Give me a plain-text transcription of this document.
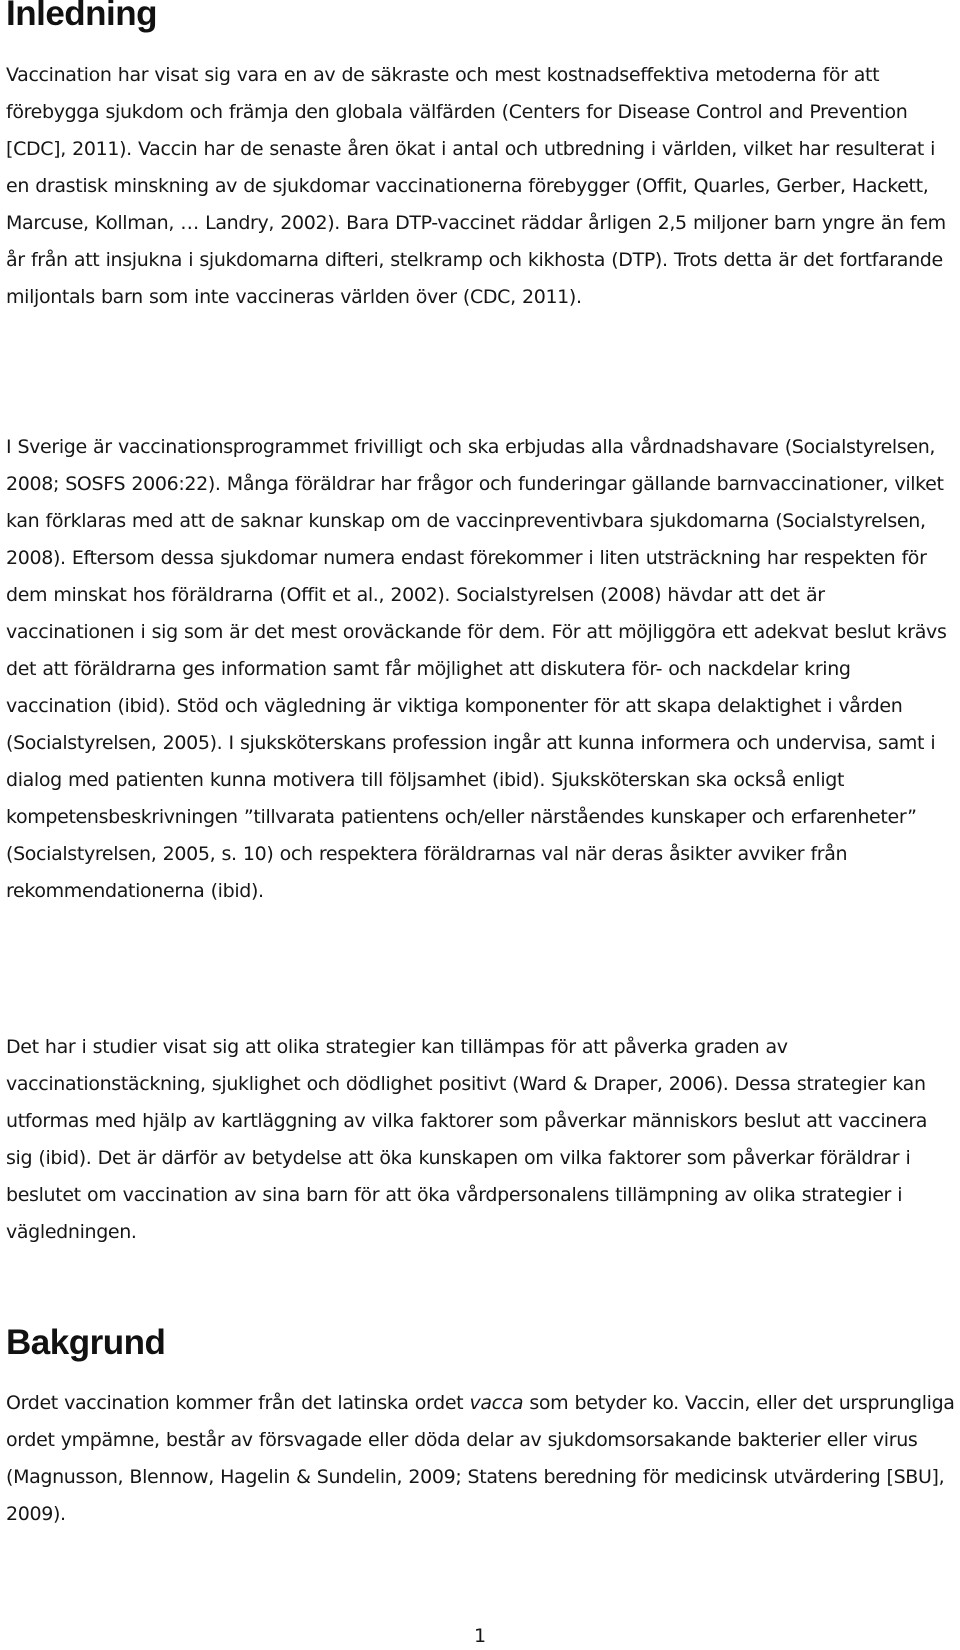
Inledning

Vaccination har visat sig vara en av de säkraste och mest kostnadseffektiva metoderna för att förebygga sjukdom och främja den globala välfärden (Centers for Disease Control and Prevention [CDC], 2011). Vaccin har de senaste åren ökat i antal och utbredning i världen, vilket har resulterat i en drastisk minskning av de sjukdomar vaccinationerna förebygger (Offit, Quarles, Gerber, Hackett, Marcuse, Kollman, … Landry, 2002). Bara DTP-vaccinet räddar årligen 2,5 miljoner barn yngre än fem år från att insjukna i sjukdomarna difteri, stelkramp och kikhosta (DTP). Trots detta är det fortfarande miljontals barn som inte vaccineras världen över (CDC, 2011).

I Sverige är vaccinationsprogrammet frivilligt och ska erbjudas alla vårdnadshavare (Socialstyrelsen, 2008; SOSFS 2006:22). Många föräldrar har frågor och funderingar gällande barnvaccinationer, vilket kan förklaras med att de saknar kunskap om de vaccinpreventivbara sjukdomarna (Socialstyrelsen, 2008). Eftersom dessa sjukdomar numera endast förekommer i liten utsträckning har respekten för dem minskat hos föräldrarna (Offit et al., 2002). Socialstyrelsen (2008) hävdar att det är vaccinationen i sig som är det mest oroväckande för dem. För att möjliggöra ett adekvat beslut krävs det att föräldrarna ges information samt får möjlighet att diskutera för- och nackdelar kring vaccination (ibid). Stöd och vägledning är viktiga komponenter för att skapa delaktighet i vården (Socialstyrelsen, 2005). I sjuksköterskans profession ingår att kunna informera och undervisa, samt i dialog med patienten kunna motivera till följsamhet (ibid). Sjuksköterskan ska också enligt kompetensbeskrivningen ”tillvarata patientens och/eller närståendes kunskaper och erfarenheter” (Socialstyrelsen, 2005, s. 10) och respektera föräldrarnas val när deras åsikter avviker från rekommendationerna (ibid).

Det har i studier visat sig att olika strategier kan tillämpas för att påverka graden av vaccinationstäckning, sjuklighet och dödlighet positivt (Ward & Draper, 2006). Dessa strategier kan utformas med hjälp av kartläggning av vilka faktorer som påverkar människors beslut att vaccinera sig (ibid). Det är därför av betydelse att öka kunskapen om vilka faktorer som påverkar föräldrar i beslutet om vaccination av sina barn för att öka vårdpersonalens tillämpning av olika strategier i vägledningen.

Bakgrund

Ordet vaccination kommer från det latinska ordet vacca som betyder ko. Vaccin, eller det ursprungliga ordet ympämne, består av försvagade eller döda delar av sjukdomsorsakande bakterier eller virus (Magnusson, Blennow, Hagelin & Sundelin, 2009; Statens beredning för medicinsk utvärdering [SBU], 2009).

1
